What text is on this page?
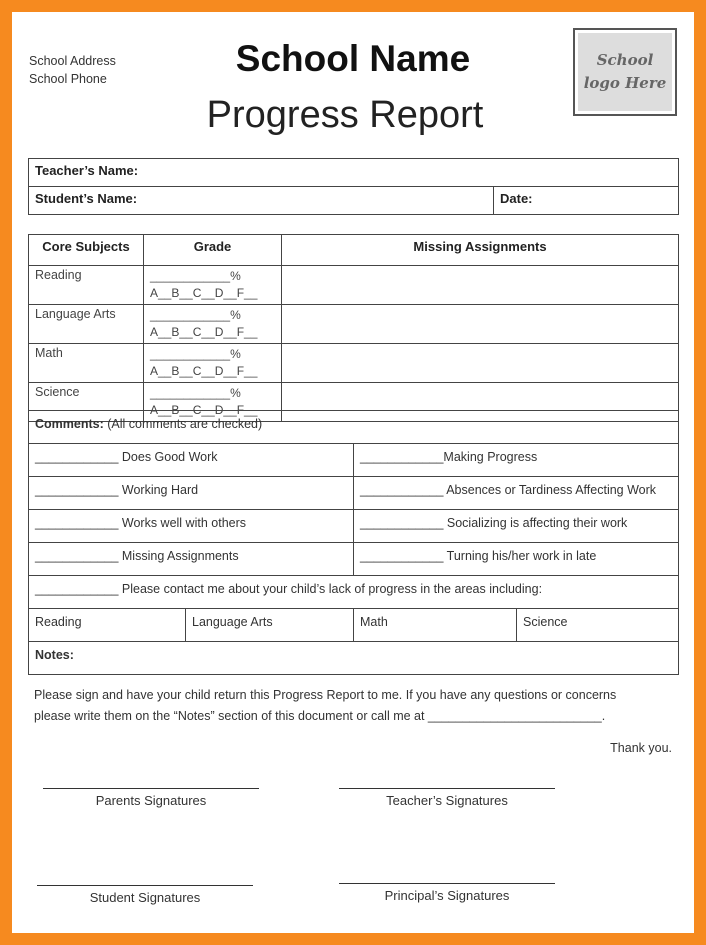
School Address
School Phone	School Name
Progress Report
School
logo Here
Teacher’s Name:
Student’s Name:	Date:
Core Subjects	Grade	Missing Assignments
Reading	____________%
A__B__C__D__F__	

Language Arts	____________%
A__B__C__D__F__	

Math	____________%
A__B__C__D__F__	

Science	____________%
A__B__C__D__F__	

Comments: (All comments are checked)			
____________ Does Good Work		____________Making Progress	
____________ Working Hard		____________ Absences or Tardiness Affecting Work	
____________ Works well with others		____________ Socializing is affecting their work	
____________ Missing Assignments		____________ Turning his/her work in late	
____________ Please contact me about your child’s lack of progress in the areas including:			
Reading	Language Arts	Math	Science
Notes:			
Please sign and have your child return this Progress Report to me. If you have any questions or concerns
please write them on the “Notes” section of this document or call me at _________________________.
Thank you.
Parents Signatures	Teacher’s Signatures
Student Signatures	Principal’s Signatures
